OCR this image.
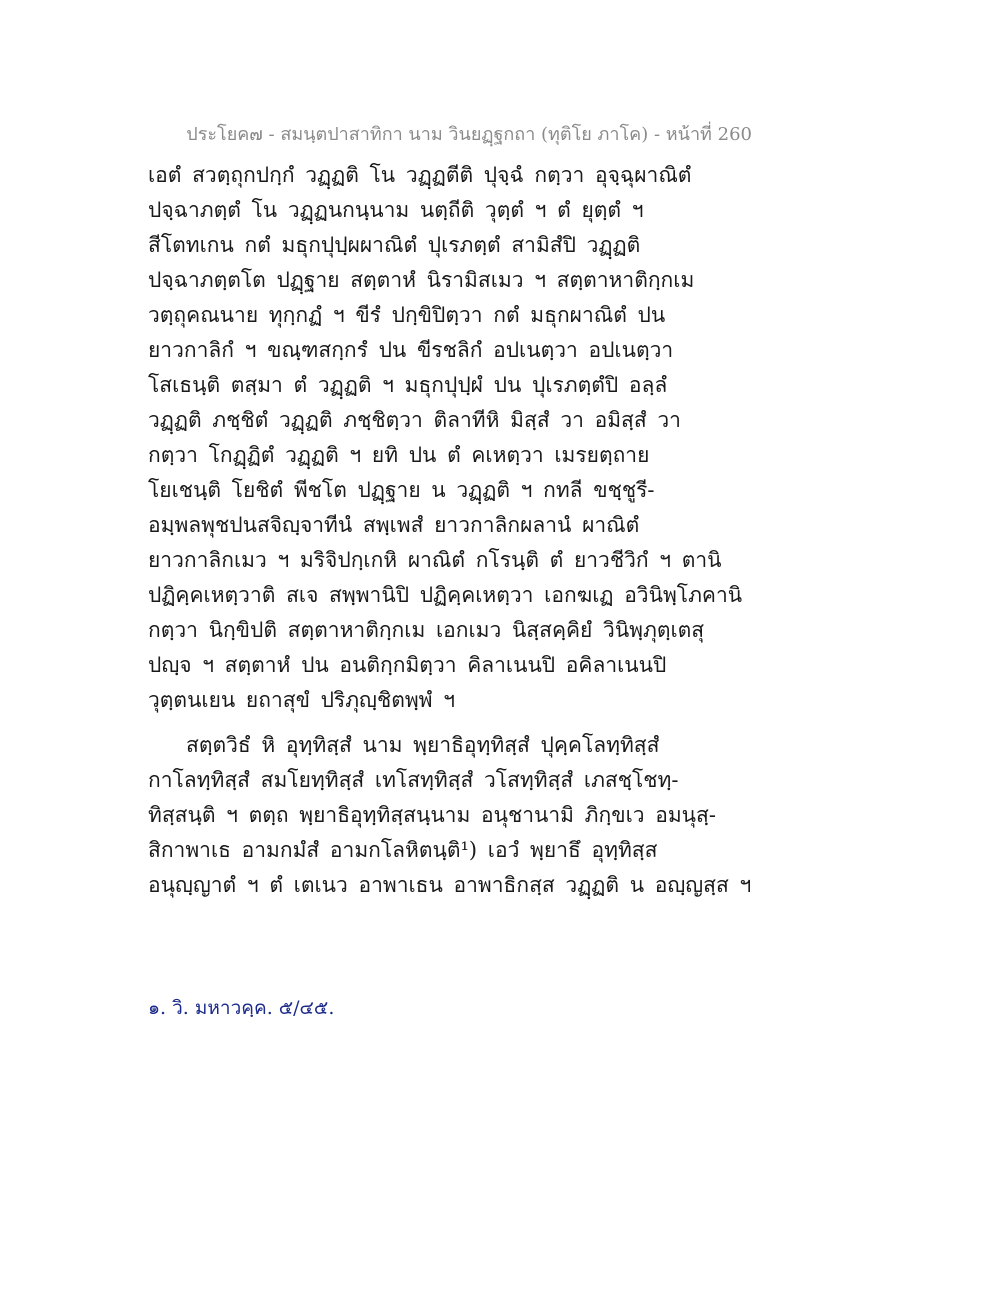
ประโยค๗ - สมนฺตปาสาทิกา นาม วินยฏฺฐกถา (ทุติโย ภาโค) - หน้าที่ 260
เอตํ สวตฺถุกปกฺกํ วฏฺฏติ โน วฏฺฏตีติ ปุจฺฉํ กตฺวา อุจฺฉุผาณิตํ
ปจฺฉาภตฺตํ โน วฏฺฏนกนฺนาม นตฺถีติ วุตฺตํ ฯ ตํ ยุตฺตํ ฯ
สีโตทเกน กตํ มธุกปุปฺผผาณิตํ ปุเรภตฺตํ สามิสํปิ วฏฺฏติ
ปจฺฉาภตฺตโต ปฏฺฐาย สตฺตาหํ นิรามิสเมว ฯ สตฺตาหาติกฺกเม
วตฺถุคณนาย ทุกฺกฏํ ฯ ขีรํ ปกฺขิปิตฺวา กตํ มธุกผาณิตํ ปน
ยาวกาลิกํ ฯ ขณฺฑสกฺกรํ ปน ขีรชลิกํ อปเนตฺวา อปเนตฺวา
โสเธนฺติ ตสฺมา ตํ วฏฺฏติ ฯ มธุกปุปฺผํ ปน ปุเรภตฺตํปิ อลฺลํ
วฏฺฏติ ภชฺชิตํ วฏฺฏติ ภชฺชิตฺวา ติลาทีหิ มิสฺสํ วา อมิสฺสํ วา
กตฺวา โกฏฺฏิตํ วฏฺฏติ ฯ ยทิ ปน ตํ คเหตฺวา เมรยตฺถาย
โยเชนฺติ โยชิตํ พีชโต ปฏฺฐาย น วฏฺฏติ ฯ กทลี ขชฺชูรี-
อมฺพลพุชปนสจิญฺจาทีนํ สพฺเพสํ ยาวกาลิกผลานํ ผาณิตํ
ยาวกาลิกเมว ฯ มริจิปกฺเกหิ ผาณิตํ กโรนฺติ ตํ ยาวชีวิกํ ฯ ตานิ
ปฏิคฺคเหตฺวาติ สเจ สพฺพานิปิ ปฏิคฺคเหตฺวา เอกฆเฏ อวินิพฺโภคานิ
กตฺวา นิกฺขิปติ สตฺตาหาติกฺกเม เอกเมว นิสฺสคฺคิยํ วินิพฺภุตฺเตสุ
ปญฺจ ฯ สตฺตาหํ ปน อนติกฺกมิตฺวา คิลาเนนปิ อคิลาเนนปิ
วุตฺตนเยน ยถาสุขํ ปริภุญฺชิตพฺพํ ฯ
สตฺตวิธํ หิ อุทฺทิสฺสํ นาม พฺยาธิอุทฺทิสฺสํ ปุคฺคโลทฺทิสฺสํ
กาโลทฺทิสฺสํ สมโยทฺทิสฺสํ เทโสทฺทิสฺสํ วโสทฺทิสฺสํ เภสชฺโชทฺ-
ทิสฺสนฺติ ฯ ตตฺถ พฺยาธิอุทฺทิสฺสนฺนาม อนุชานามิ ภิกฺขเว อมนุสฺ-
สิกาพาเธ อามกมํสํ อามกโลหิตนฺติ¹) เอวํ พฺยาธึ อุทฺทิสฺส
อนุญฺญาตํ ฯ ตํ เตเนว อาพาเธน อาพาธิกสฺส วฏฺฏติ น อญฺญสฺส ฯ
๑. วิ. มหาวคฺค. ๕/๔๕.
